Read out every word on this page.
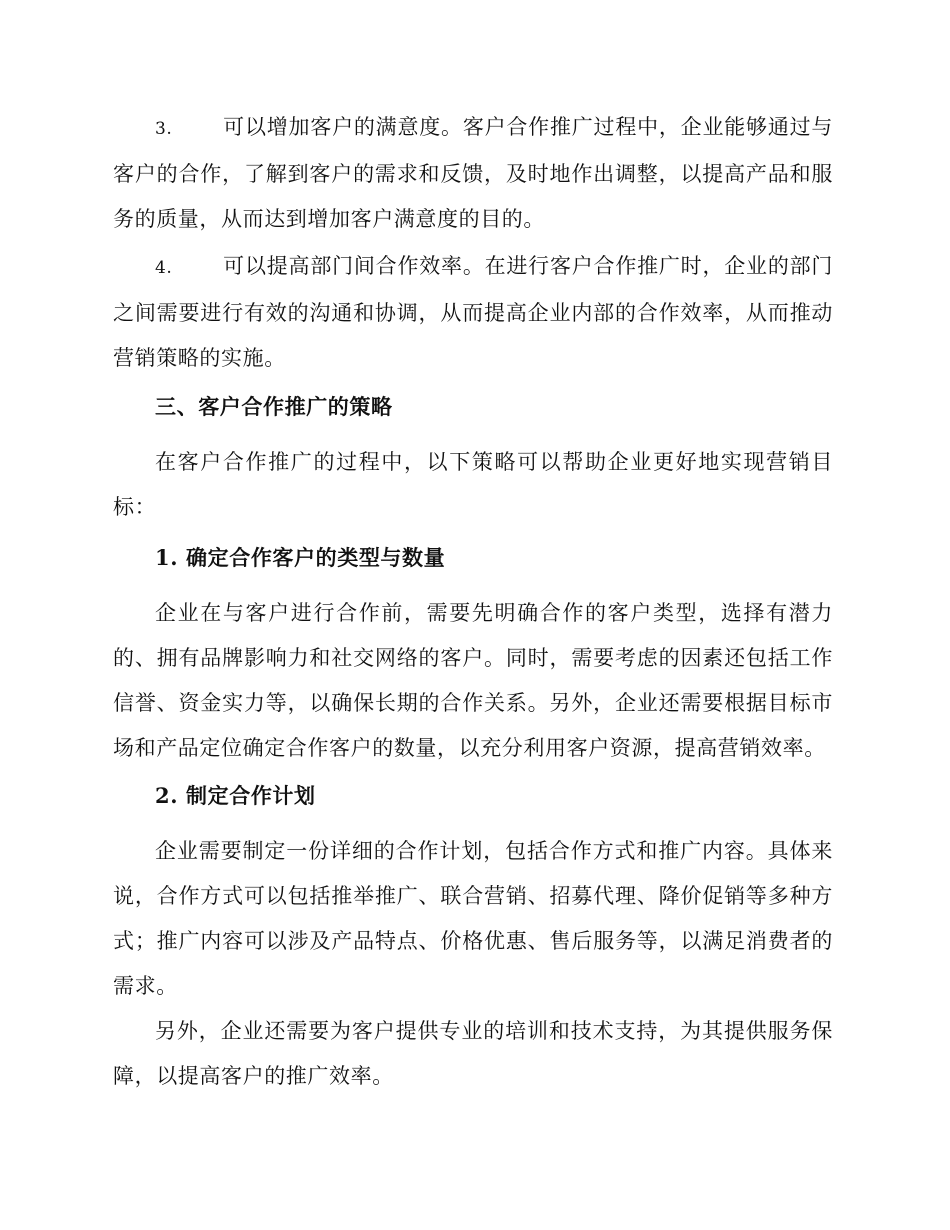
3. 可以增加客户的满意度。客户合作推广过程中，企业能够通过与客户的合作，了解到客户的需求和反馈，及时地作出调整，以提高产品和服务的质量，从而达到增加客户满意度的目的。

4. 可以提高部门间合作效率。在进行客户合作推广时，企业的部门之间需要进行有效的沟通和协调，从而提高企业内部的合作效率，从而推动营销策略的实施。

三、客户合作推广的策略

在客户合作推广的过程中，以下策略可以帮助企业更好地实现营销目标：

1. 确定合作客户的类型与数量

企业在与客户进行合作前，需要先明确合作的客户类型，选择有潜力的、拥有品牌影响力和社交网络的客户。同时，需要考虑的因素还包括工作信誉、资金实力等，以确保长期的合作关系。另外，企业还需要根据目标市场和产品定位确定合作客户的数量，以充分利用客户资源，提高营销效率。

2. 制定合作计划

企业需要制定一份详细的合作计划，包括合作方式和推广内容。具体来说，合作方式可以包括推举推广、联合营销、招募代理、降价促销等多种方式；推广内容可以涉及产品特点、价格优惠、售后服务等，以满足消费者的需求。

另外，企业还需要为客户提供专业的培训和技术支持，为其提供服务保障，以提高客户的推广效率。
